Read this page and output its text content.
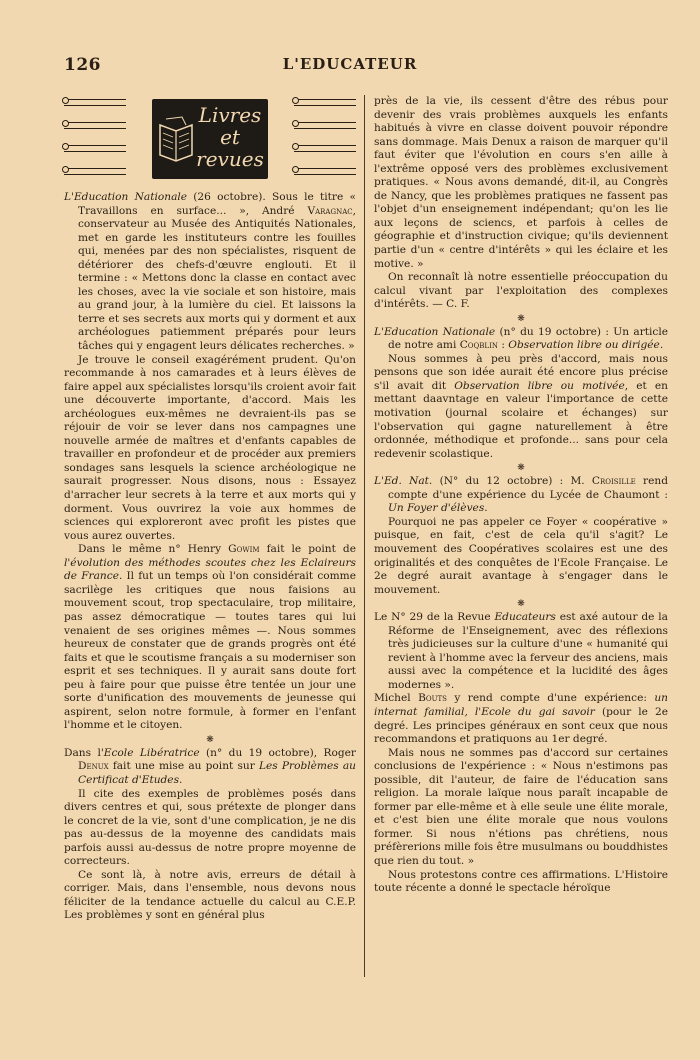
126	L'EDUCATEUR
Livres
et
revues

L'Education Nationale (26 octobre). Sous le titre « Travaillons en surface... », André Varagnac, conservateur au Musée des Antiquités Nationales, met en garde les instituteurs contre les fouilles qui, menées par des non spécialistes, risquent de détériorer des chefs-d'œuvre englouti. Et il termine : « Mettons donc la classe en contact avec les choses, avec la vie sociale et son histoire, mais au grand jour, à la lumière du ciel. Et laissons la terre et ses secrets aux morts qui y dorment et aux archéologues patiemment préparés pour leurs tâches qui y engagent leurs délicates recherches. »

Je trouve le conseil exagérément prudent. Qu'on recommande à nos camarades et à leurs élèves de faire appel aux spécialistes lorsqu'ils croient avoir fait une découverte importante, d'accord. Mais les archéologues eux-mêmes ne devraient-ils pas se réjouir de voir se lever dans nos campagnes une nouvelle armée de maîtres et d'enfants capables de travailler en profondeur et de procéder aux premiers sondages sans lesquels la science archéologique ne saurait progresser. Nous disons, nous : Essayez d'arracher leur secrets à la terre et aux morts qui y dorment. Vous ouvrirez la voie aux hommes de sciences qui exploreront avec profit les pistes que vous aurez ouvertes.

Dans le même n° Henry Gowim fait le point de l'évolution des méthodes scoutes chez les Eclaireurs de France. Il fut un temps où l'on considérait comme sacrilège les critiques que nous faisions au mouvement scout, trop spectaculaire, trop militaire, pas assez démocratique — toutes tares qui lui venaient de ses origines mêmes —. Nous sommes heureux de constater que de grands progrès ont été faits et que le scoutisme français a su moderniser son esprit et ses techniques. Il y aurait sans doute fort peu à faire pour que puisse être tentée un jour une sorte d'unification des mouvements de jeunesse qui aspirent, selon notre formule, à former en l'enfant l'homme et le citoyen.

❋

Dans l'Ecole Libératrice (n° du 19 octobre), Roger Denux fait une mise au point sur Les Problèmes au Certificat d'Etudes.

Il cite des exemples de problèmes posés dans divers centres et qui, sous prétexte de plonger dans le concret de la vie, sont d'une complication, je ne dis pas au-dessus de la moyenne des candidats mais parfois aussi au-dessus de notre propre moyenne de correcteurs.

Ce sont là, à notre avis, erreurs de détail à corriger. Mais, dans l'ensemble, nous devons nous féliciter de la tendance actuelle du calcul au C.E.P. Les problèmes y sont en général plus

près de la vie, ils cessent d'être des rébus pour devenir des vrais problèmes auxquels les enfants habitués à vivre en classe doivent pouvoir répondre sans dommage. Mais Denux a raison de marquer qu'il faut éviter que l'évolution en cours s'en aille à l'extrême opposé vers des problèmes exclusivement pratiques. « Nous avons demandé, dit-il, au Congrès de Nancy, que les problèmes pratiques ne fassent pas l'objet d'un enseignement indépendant; qu'on les lie aux leçons de sciencs, et parfois à celles de géographie et d'instruction civique; qu'ils deviennent partie d'un « centre d'intérêts » qui les éclaire et les motive. »

On reconnaît là notre essentielle préoccupation du calcul vivant par l'exploitation des complexes d'intérêts. — C. F.

❋

L'Education Nationale (n° du 19 octobre) : Un article de notre ami Coqblin : Observation libre ou dirigée.

Nous sommes à peu près d'accord, mais nous pensons que son idée aurait été encore plus précise s'il avait dit Observation libre ou motivée, et en mettant daavntage en valeur l'importance de cette motivation (journal scolaire et échanges) sur l'observation qui gagne naturellement à être ordonnée, méthodique et profonde... sans pour cela redevenir scolastique.

❋

L'Ed. Nat. (N° du 12 octobre) : M. Croisille rend compte d'une expérience du Lycée de Chaumont : Un Foyer d'élèves.

Pourquoi ne pas appeler ce Foyer « coopérative » puisque, en fait, c'est de cela qu'il s'agit? Le mouvement des Coopératives scolaires est une des originalités et des conquêtes de l'Ecole Française. Le 2e degré aurait avantage à s'engager dans le mouvement.

❋

Le N° 29 de la Revue Educateurs est axé autour de la Réforme de l'Enseignement, avec des réflexions très judicieuses sur la culture d'une « humanité qui revient à l'homme avec la ferveur des anciens, mais aussi avec la compétence et la lucidité des âges modernes ».

Michel Bouts y rend compte d'une expérience: un internat familial, l'Ecole du gai savoir (pour le 2e degré. Les principes généraux en sont ceux que nous recommandons et pratiquons au 1er degré.

Mais nous ne sommes pas d'accord sur certaines conclusions de l'expérience : « Nous n'estimons pas possible, dit l'auteur, de faire de l'éducation sans religion. La morale laïque nous paraît incapable de former par elle-même et à elle seule une élite morale, et c'est bien une élite morale que nous voulons former. Si nous n'étions pas chrétiens, nous préfèrerions mille fois être musulmans ou bouddhistes que rien du tout. »

Nous protestons contre ces affirmations. L'Histoire toute récente a donné le spectacle héroïque
